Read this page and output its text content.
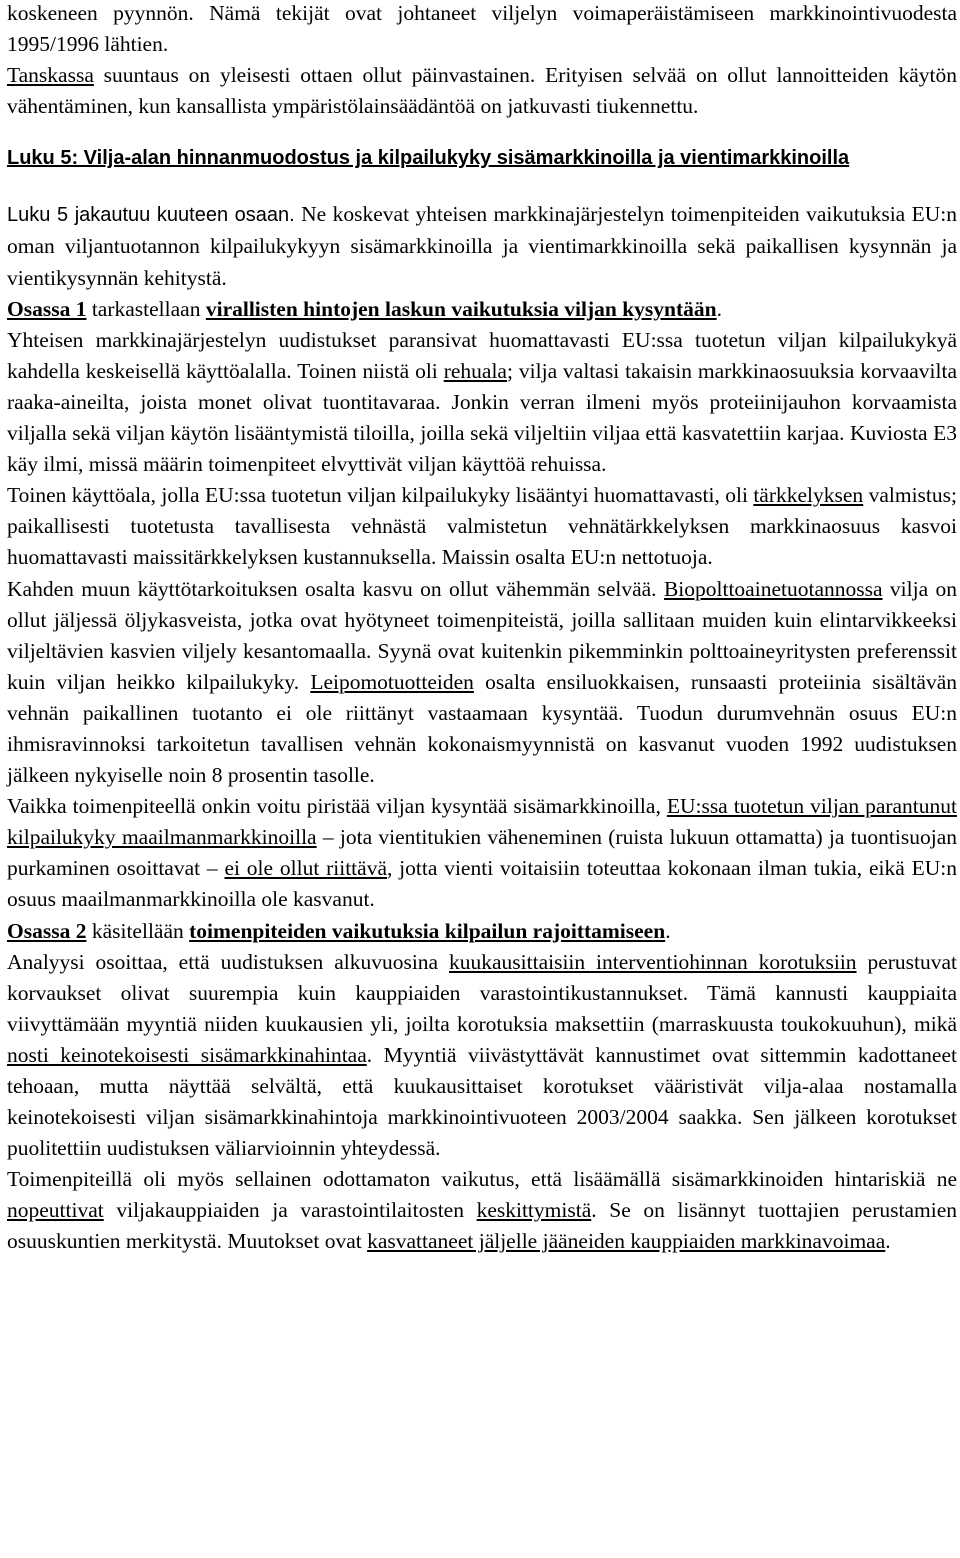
koskeneen pyynnön. Nämä tekijät ovat johtaneet viljelyn voimaperäistämiseen markkinointivuodesta 1995/1996 lähtien.
Tanskassa suuntaus on yleisesti ottaen ollut päinvastainen. Erityisen selvää on ollut lannoitteiden käytön vähentäminen, kun kansallista ympäristölainsäädäntöä on jatkuvasti tiukennettu.

Luku 5: Vilja-alan hinnanmuodostus ja kilpailukyky sisämarkkinoilla ja vientimarkkinoilla

Luku 5 jakautuu kuuteen osaan. Ne koskevat yhteisen markkinajärjestelyn toimenpiteiden vaikutuksia EU:n oman viljantuotannon kilpailukykyyn sisämarkkinoilla ja vientimarkkinoilla sekä paikallisen kysynnän ja vientikysynnän kehitystä.

Osassa 1 tarkastellaan virallisten hintojen laskun vaikutuksia viljan kysyntään.

Yhteisen markkinajärjestelyn uudistukset paransivat huomattavasti EU:ssa tuotetun viljan kilpailukykyä kahdella keskeisellä käyttöalalla. Toinen niistä oli rehuala; vilja valtasi takaisin markkinaosuuksia korvaavilta raaka-aineilta, joista monet olivat tuontitavaraa. Jonkin verran ilmeni myös proteiinijauhon korvaamista viljalla sekä viljan käytön lisääntymistä tiloilla, joilla sekä viljeltiin viljaa että kasvatettiin karjaa. Kuviosta E3 käy ilmi, missä määrin toimenpiteet elvyttivät viljan käyttöä rehuissa.

Toinen käyttöala, jolla EU:ssa tuotetun viljan kilpailukyky lisääntyi huomattavasti, oli tärkkelyksen valmistus; paikallisesti tuotetusta tavallisesta vehnästä valmistetun vehnätärkkelyksen markkinaosuus kasvoi huomattavasti maissitärkkelyksen kustannuksella. Maissin osalta EU:n nettotuoja.

Kahden muun käyttötarkoituksen osalta kasvu on ollut vähemmän selvää. Biopolttoainetuotannossa vilja on ollut jäljessä öljykasveista, jotka ovat hyötyneet toimenpiteistä, joilla sallitaan muiden kuin elintarvikkeeksi viljeltävien kasvien viljely kesantomaalla. Syynä ovat kuitenkin pikemminkin polttoaineyritysten preferenssit kuin viljan heikko kilpailukyky. Leipomotuotteiden osalta ensiluokkaisen, runsaasti proteiinia sisältävän vehnän paikallinen tuotanto ei ole riittänyt vastaamaan kysyntää. Tuodun durumvehnän osuus EU:n ihmisravinnoksi tarkoitetun tavallisen vehnän kokonaismyynnistä on kasvanut vuoden 1992 uudistuksen jälkeen nykyiselle noin 8 prosentin tasolle.

Vaikka toimenpiteellä onkin voitu piristää viljan kysyntää sisämarkkinoilla, EU:ssa tuotetun viljan parantunut kilpailukyky maailmanmarkkinoilla – jota vientitukien väheneminen (ruista lukuun ottamatta) ja tuontisuojan purkaminen osoittavat – ei ole ollut riittävä, jotta vienti voitaisiin toteuttaa kokonaan ilman tukia, eikä EU:n osuus maailmanmarkkinoilla ole kasvanut.

Osassa 2 käsitellään toimenpiteiden vaikutuksia kilpailun rajoittamiseen.

Analyysi osoittaa, että uudistuksen alkuvuosina kuukausittaisiin interventiohinnan korotuksiin perustuvat korvaukset olivat suurempia kuin kauppiaiden varastointikustannukset. Tämä kannusti kauppiaita viivyttämään myyntiä niiden kuukausien yli, joilta korotuksia maksettiin (marraskuusta toukokuuhun), mikä nosti keinotekoisesti sisämarkkinahintaa. Myyntiä viivästyttävät kannustimet ovat sittemmin kadottaneet tehoaan, mutta näyttää selvältä, että kuukausittaiset korotukset vääristivät vilja-alaa nostamalla keinotekoisesti viljan sisämarkkinahintoja markkinointivuoteen 2003/2004 saakka. Sen jälkeen korotukset puolitettiin uudistuksen väliarvioinnin yhteydessä.

Toimenpiteillä oli myös sellainen odottamaton vaikutus, että lisäämällä sisämarkkinoiden hintariskiä ne nopeuttivat viljakauppiaiden ja varastointilaitosten keskittymistä. Se on lisännyt tuottajien perustamien osuuskuntien merkitystä. Muutokset ovat kasvattaneet jäljelle jääneiden kauppiaiden markkinavoimaa.
